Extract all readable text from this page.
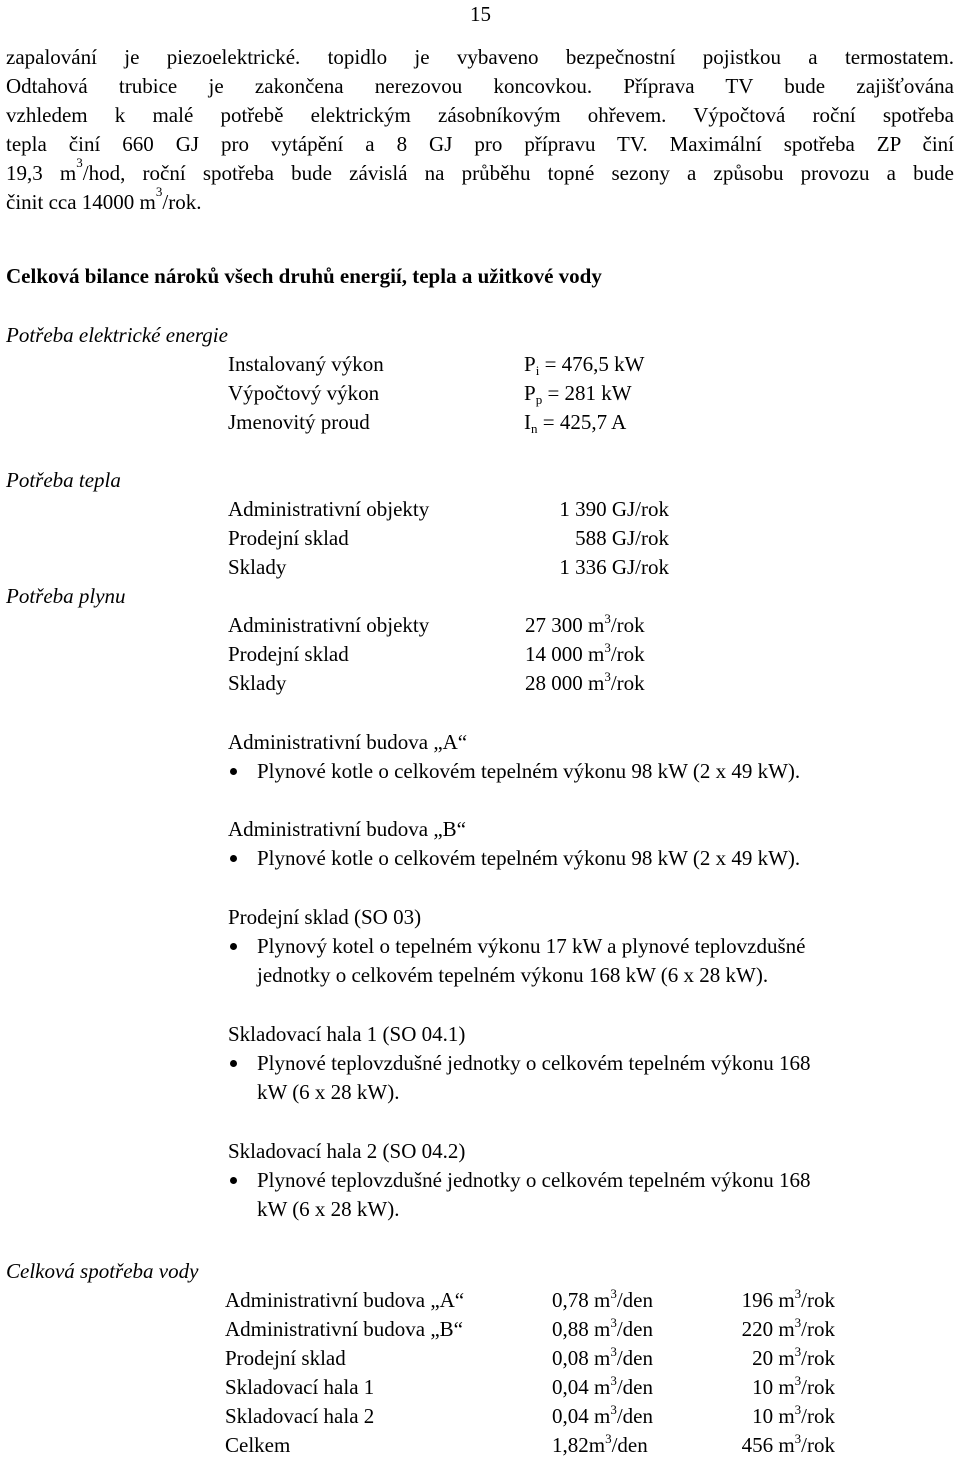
15
zapalování je piezoelektrické. topidlo je vybaveno bezpečnostní pojistkou a termostatem.
Odtahová trubice je zakončena nerezovou koncovkou. Příprava TV bude zajišťována
vzhledem k malé potřebě elektrickým zásobníkovým ohřevem. Výpočtová roční spotřeba
tepla činí 660 GJ pro vytápění a 8 GJ pro přípravu TV. Maximální spotřeba ZP činí
19,3 $m^3$/hod, roční spotřeba bude závislá na průběhu topné sezony a způsobu provozu a bude
činit cca 14000 $m^3$/rok.
Celková bilance nároků všech druhů energií, tepla a užitkové vody
Potřeba elektrické energie
Instalovaný výkon	$P_i = 476,5$ kW
Výpočtový výkon	$P_p = 281$ kW
Jmenovitý proud	$I_n = 425,7$ A
Potřeba tepla
Administrativní objekty	1 390 GJ/rok
Prodejní sklad	588 GJ/rok
Sklady	1 336 GJ/rok
Potřeba plynu
Administrativní objekty	27 300 $m^3$/rok
Prodejní sklad	14 000 $m^3$/rok
Sklady	28 000 $m^3$/rok
Administrativní budova „A“
Plynové kotle o celkovém tepelném výkonu 98 kW (2 x 49 kW).
Administrativní budova „B“
Plynové kotle o celkovém tepelném výkonu 98 kW (2 x 49 kW).
Prodejní sklad (SO 03)
Plynový kotel o tepelném výkonu 17 kW a plynové teplovzdušné
jednotky o celkovém tepelném výkonu 168 kW (6 x 28 kW).
Skladovací hala 1 (SO 04.1)
Plynové teplovzdušné jednotky o celkovém tepelném výkonu 168
kW (6 x 28 kW).
Skladovací hala 2 (SO 04.2)
Plynové teplovzdušné jednotky o celkovém tepelném výkonu 168
kW (6 x 28 kW).
Celková spotřeba vody
Administrativní budova „A“	0,78 $m^3$/den	196 $m^3$/rok
Administrativní budova „B“	0,88 $m^3$/den	220 $m^3$/rok
Prodejní sklad	0,08 $m^3$/den	20 $m^3$/rok
Skladovací hala 1	0,04 $m^3$/den	10 $m^3$/rok
Skladovací hala 2	0,04 $m^3$/den	10 $m^3$/rok
Celkem	$1,82m^3$/den	456 $m^3$/rok
